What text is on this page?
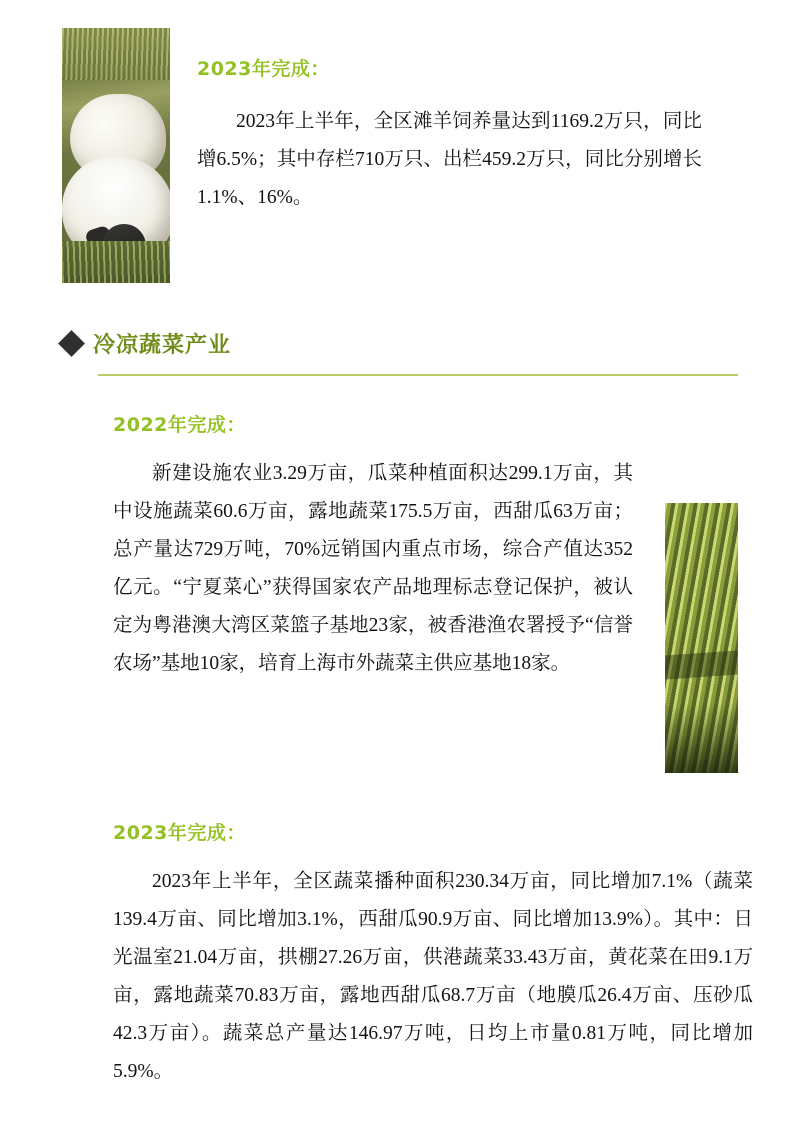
2023年完成：
2023年上半年，全区滩羊饲养量达到1169.2万只，同比增6.5%；其中存栏710万只、出栏459.2万只，同比分别增长1.1%、16%。
冷凉蔬菜产业
2022年完成：
新建设施农业3.29万亩，瓜菜种植面积达299.1万亩，其中设施蔬菜60.6万亩，露地蔬菜175.5万亩，西甜瓜63万亩；总产量达729万吨，70%远销国内重点市场，综合产值达352亿元。“宁夏菜心”获得国家农产品地理标志登记保护，被认定为粤港澳大湾区菜篮子基地23家，被香港渔农署授予“信誉农场”基地10家，培育上海市外蔬菜主供应基地18家。
2023年完成：
2023年上半年，全区蔬菜播种面积230.34万亩，同比增加7.1%（蔬菜139.4万亩、同比增加3.1%，西甜瓜90.9万亩、同比增加13.9%）。其中：日光温室21.04万亩，拱棚27.26万亩，供港蔬菜33.43万亩，黄花菜在田9.1万亩，露地蔬菜70.83万亩，露地西甜瓜68.7万亩（地膜瓜26.4万亩、压砂瓜42.3万亩）。蔬菜总产量达146.97万吨，日均上市量0.81万吨，同比增加5.9%。
